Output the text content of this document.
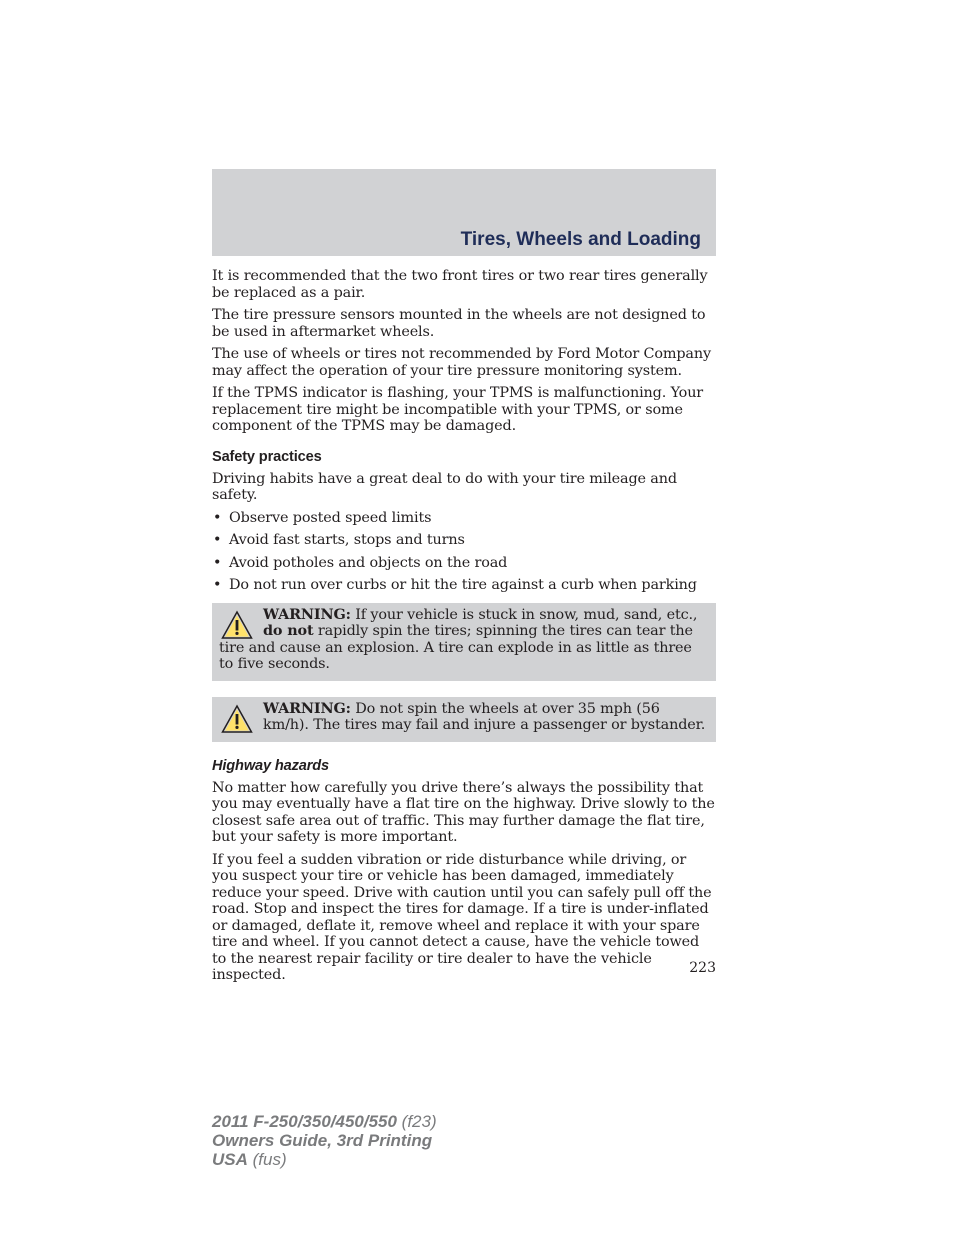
Tires, Wheels and Loading

It is recommended that the two front tires or two rear tires generally be replaced as a pair.

The tire pressure sensors mounted in the wheels are not designed to be used in aftermarket wheels.

The use of wheels or tires not recommended by Ford Motor Company may affect the operation of your tire pressure monitoring system.

If the TPMS indicator is flashing, your TPMS is malfunctioning. Your replacement tire might be incompatible with your TPMS, or some component of the TPMS may be damaged.

Safety practices

Driving habits have a great deal to do with your tire mileage and safety.

• Observe posted speed limits
• Avoid fast starts, stops and turns
• Avoid potholes and objects on the road
• Do not run over curbs or hit the tire against a curb when parking
WARNING: If your vehicle is stuck in snow, mud, sand, etc., do not rapidly spin the tires; spinning the tires can tear the tire and cause an explosion. A tire can explode in as little as three to five seconds.
WARNING: Do not spin the wheels at over 35 mph (56 km/h). The tires may fail and injure a passenger or bystander.
Highway hazards

No matter how carefully you drive there’s always the possibility that you may eventually have a flat tire on the highway. Drive slowly to the closest safe area out of traffic. This may further damage the flat tire, but your safety is more important.

If you feel a sudden vibration or ride disturbance while driving, or you suspect your tire or vehicle has been damaged, immediately reduce your speed. Drive with caution until you can safely pull off the road. Stop and inspect the tires for damage. If a tire is under-inflated or damaged, deflate it, remove wheel and replace it with your spare tire and wheel. If you cannot detect a cause, have the vehicle towed to the nearest repair facility or tire dealer to have the vehicle inspected.	223
2011 F-250/350/450/550 (f23)
Owners Guide, 3rd Printing
USA (fus)
